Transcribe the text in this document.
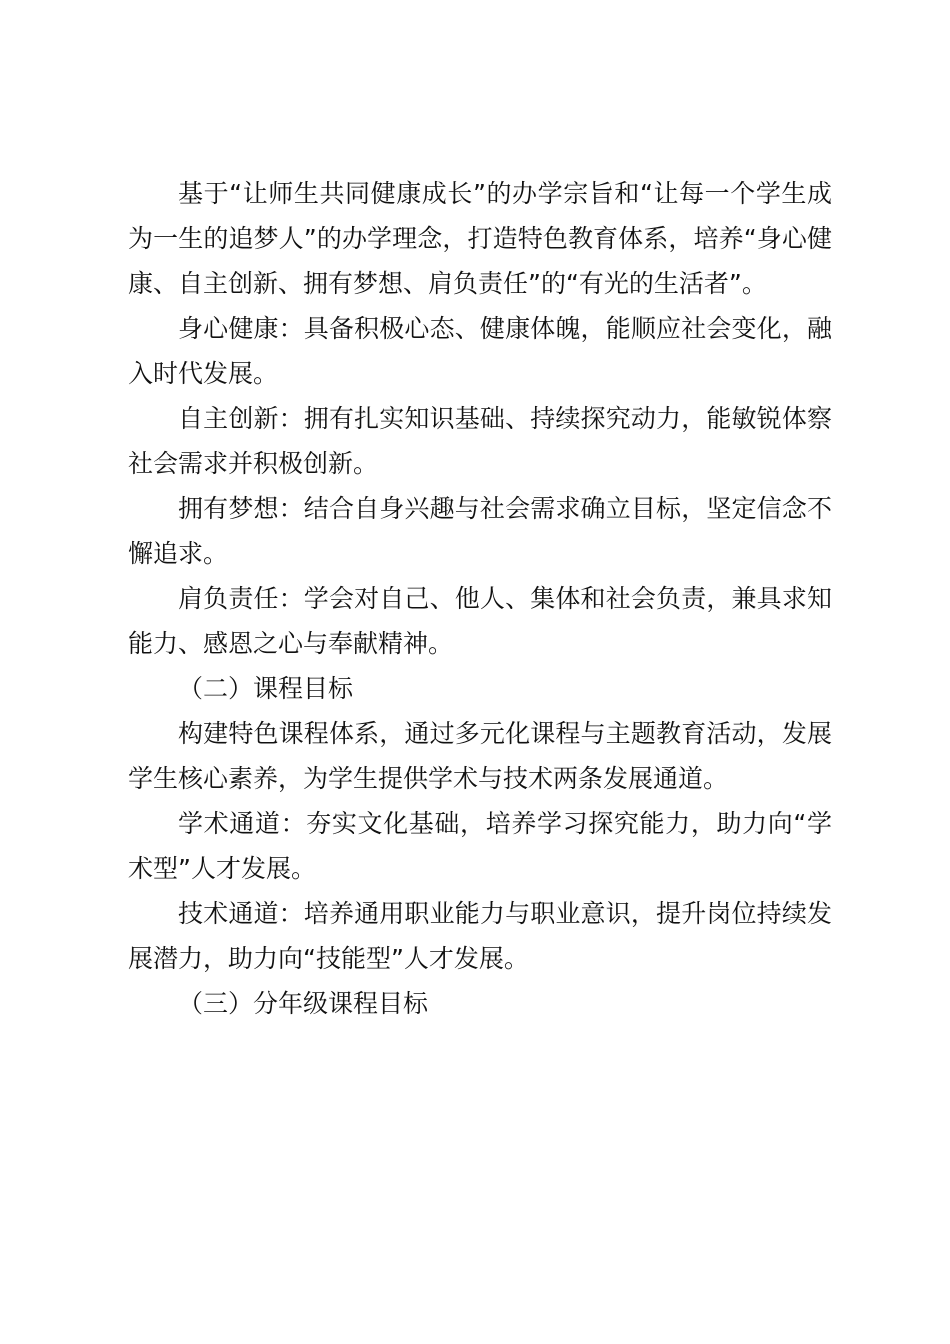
基于“让师生共同健康成长”的办学宗旨和“让每一个学生成为一生的追梦人”的办学理念，打造特色教育体系，培养“身心健康、自主创新、拥有梦想、肩负责任”的“有光的生活者”。

身心健康：具备积极心态、健康体魄，能顺应社会变化，融入时代发展。

自主创新：拥有扎实知识基础、持续探究动力，能敏锐体察社会需求并积极创新。

拥有梦想：结合自身兴趣与社会需求确立目标，坚定信念不懈追求。

肩负责任：学会对自己、他人、集体和社会负责，兼具求知能力、感恩之心与奉献精神。

（二）课程目标

构建特色课程体系，通过多元化课程与主题教育活动，发展学生核心素养，为学生提供学术与技术两条发展通道。

学术通道：夯实文化基础，培养学习探究能力，助力向“学术型”人才发展。

技术通道：培养通用职业能力与职业意识，提升岗位持续发展潜力，助力向“技能型”人才发展。

（三）分年级课程目标
